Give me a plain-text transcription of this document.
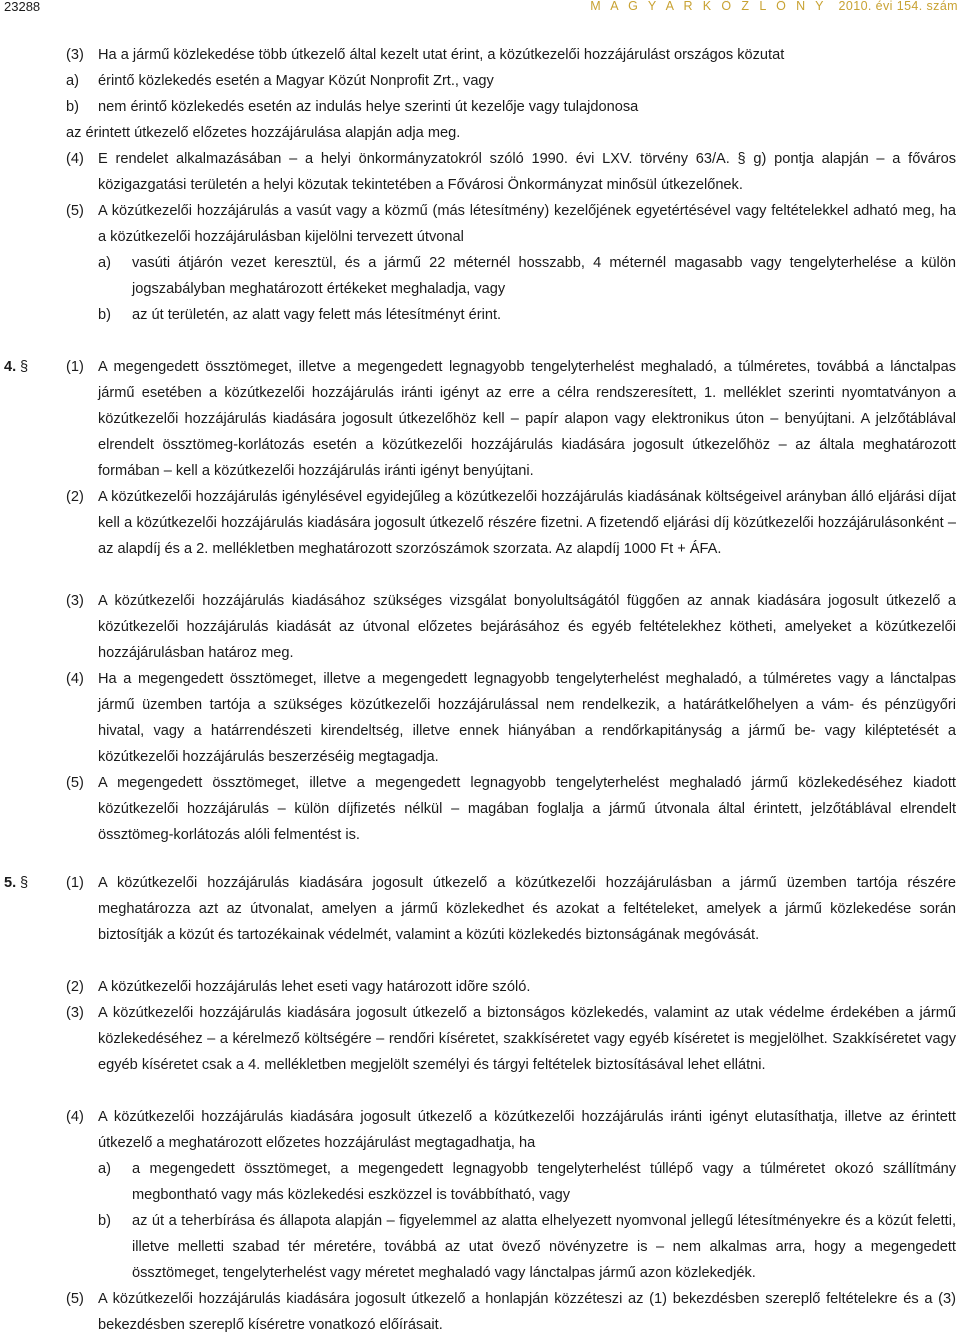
23288	M A G Y A R K Ö Z L Ö N Y 2010. évi 154. szám
(3) Ha a jármű közlekedése több útkezelő által kezelt utat érint, a közútkezelői hozzájárulást országos közutat
a) érintő közlekedés esetén a Magyar Közút Nonprofit Zrt., vagy
b) nem érintő közlekedés esetén az indulás helye szerinti út kezelője vagy tulajdonosa
az érintett útkezelő előzetes hozzájárulása alapján adja meg.
(4) E rendelet alkalmazásában – a helyi önkormányzatokról szóló 1990. évi LXV. törvény 63/A. § g) pontja alapján – a főváros közigazgatási területén a helyi közutak tekintetében a Fővárosi Önkormányzat minősül útkezelőnek.
(5) A közútkezelői hozzájárulás a vasút vagy a közmű (más létesítmény) kezelőjének egyetértésével vagy feltételekkel adható meg, ha a közútkezelői hozzájárulásban kijelölni tervezett útvonal
a) vasúti átjárón vezet keresztül, és a jármű 22 méternél hosszabb, 4 méternél magasabb vagy tengelyterhelése a külön jogszabályban meghatározott értékeket meghaladja, vagy
b) az út területén, az alatt vagy felett más létesítményt érint.
4. §	(1) A megengedett össztömeget, illetve a megengedett legnagyobb tengelyterhelést meghaladó, a túlméretes, továbbá a lánctalpas jármű esetében a közútkezelői hozzájárulás iránti igényt az erre a célra rendszeresített, 1. melléklet szerinti nyomtatványon a közútkezelői hozzájárulás kiadására jogosult útkezelőhöz kell – papír alapon vagy elektronikus úton – benyújtani. A jelzőtáblával elrendelt össztömeg-korlátozás esetén a közútkezelői hozzájárulás kiadására jogosult útkezelőhöz – az általa meghatározott formában – kell a közútkezelői hozzájárulás iránti igényt benyújtani.
(2) A közútkezelői hozzájárulás igénylésével egyidejűleg a közútkezelői hozzájárulás kiadásának költségeivel arányban álló eljárási díjat kell a közútkezelői hozzájárulás kiadására jogosult útkezelő részére fizetni. A fizetendő eljárási díj közútkezelői hozzájárulásonként – az alapdíj és a 2. mellékletben meghatározott szorzószámok szorzata. Az alapdíj 1000 Ft + ÁFA.
(3) A közútkezelői hozzájárulás kiadásához szükséges vizsgálat bonyolultságától függően az annak kiadására jogosult útkezelő a közútkezelői hozzájárulás kiadását az útvonal előzetes bejárásához és egyéb feltételekhez kötheti, amelyeket a közútkezelői hozzájárulásban határoz meg.
(4) Ha a megengedett össztömeget, illetve a megengedett legnagyobb tengelyterhelést meghaladó, a túlméretes vagy a lánctalpas jármű üzemben tartója a szükséges közútkezelői hozzájárulással nem rendelkezik, a határátkelőhelyen a vám- és pénzügyőri hivatal, vagy a határrendészeti kirendeltség, illetve ennek hiányában a rendőrkapitányság a jármű be- vagy kiléptetését a közútkezelői hozzájárulás beszerzéséig megtagadja.
(5) A megengedett össztömeget, illetve a megengedett legnagyobb tengelyterhelést meghaladó jármű közlekedéséhez kiadott közútkezelői hozzájárulás – külön díjfizetés nélkül – magában foglalja a jármű útvonala által érintett, jelzőtáblával elrendelt össztömeg-korlátozás alóli felmentést is.
5. §	(1) A közútkezelői hozzájárulás kiadására jogosult útkezelő a közútkezelői hozzájárulásban a jármű üzemben tartója részére meghatározza azt az útvonalat, amelyen a jármű közlekedhet és azokat a feltételeket, amelyek a jármű közlekedése során biztosítják a közút és tartozékainak védelmét, valamint a közúti közlekedés biztonságának megóvását.
(2) A közútkezelői hozzájárulás lehet eseti vagy határozott idõre szóló.
(3) A közútkezelői hozzájárulás kiadására jogosult útkezelő a biztonságos közlekedés, valamint az utak védelme érdekében a jármű közlekedéséhez – a kérelmező költségére – rendőri kíséretet, szakkíséretet vagy egyéb kíséretet is megjelölhet. Szakkíséretet vagy egyéb kíséretet csak a 4. mellékletben megjelölt személyi és tárgyi feltételek biztosításával lehet ellátni.
(4) A közútkezelői hozzájárulás kiadására jogosult útkezelő a közútkezelői hozzájárulás iránti igényt elutasíthatja, illetve az érintett útkezelő a meghatározott előzetes hozzájárulást megtagadhatja, ha
a) a megengedett össztömeget, a megengedett legnagyobb tengelyterhelést túllépő vagy a túlméretet okozó szállítmány megbontható vagy más közlekedési eszközzel is továbbítható, vagy
b) az út a teherbírása és állapota alapján – figyelemmel az alatta elhelyezett nyomvonal jellegű létesítményekre és a közút feletti, illetve melletti szabad tér méretére, továbbá az utat övező növényzetre is – nem alkalmas arra, hogy a megengedett össztömeget, tengelyterhelést vagy méretet meghaladó vagy lánctalpas jármű azon közlekedjék.
(5) A közútkezelői hozzájárulás kiadására jogosult útkezelő a honlapján közzéteszi az (1) bekezdésben szereplő feltételekre és a (3) bekezdésben szereplő kíséretre vonatkozó előírásait.
